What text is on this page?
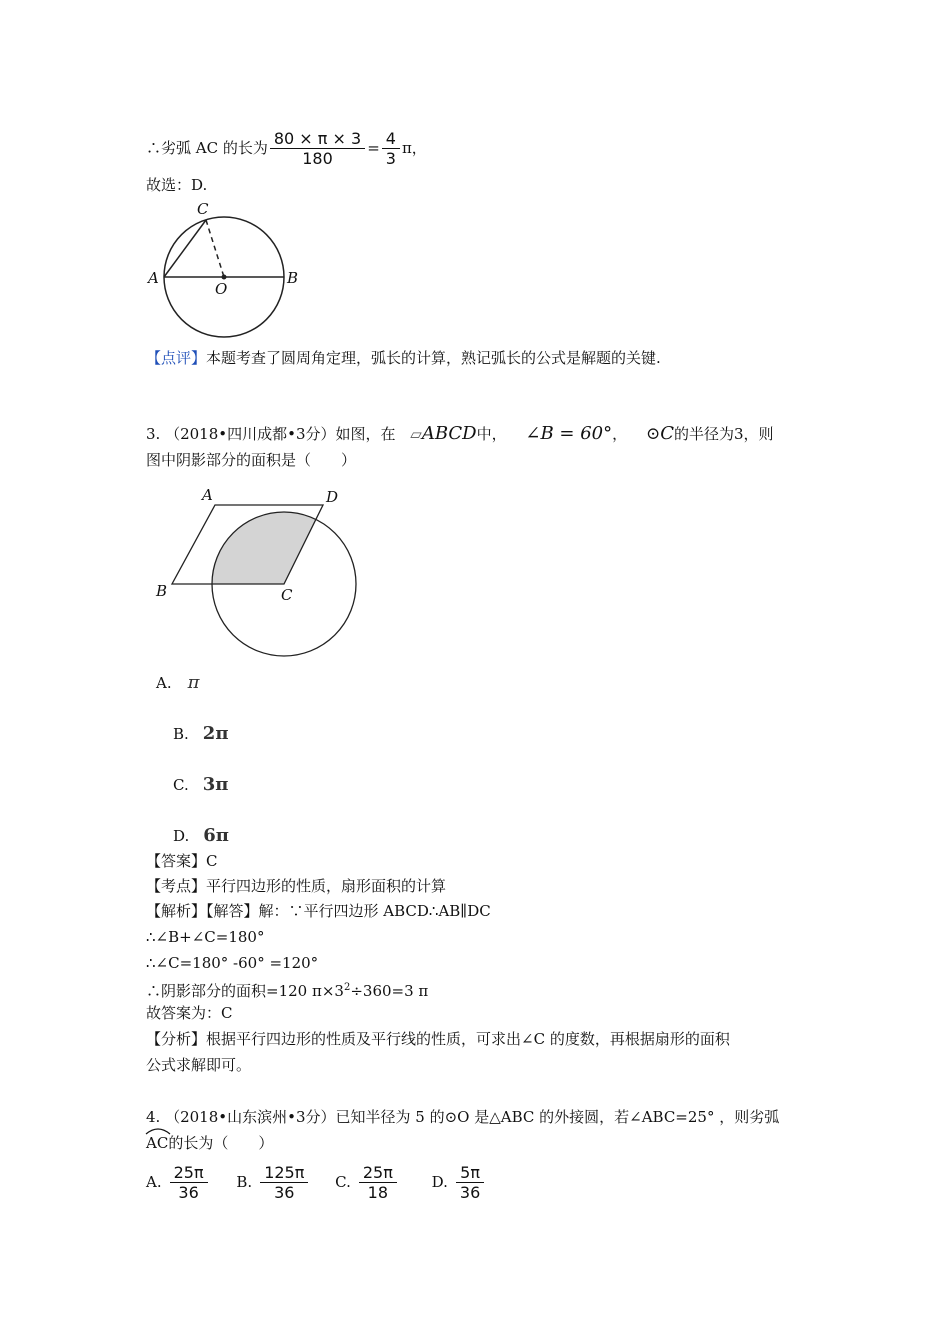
∴劣弧 AC 的长为 $\frac{80 \times \pi \times 3}{180} = \frac{4}{3}$ π，
故选：D.
C
A
O
B
【点评】本题考查了圆周角定理，弧长的计算，熟记弧长的公式是解题的关键.
3. （2018•四川成都•3分）如图，在 ▱ABCD中， ∠B = 60°， ⊙C的半径为3，则
图中阴影部分的面积是（　　）
A	D
B	C
A. π
B. 2π
C. 3π
D. 6π
【答案】C
【考点】平行四边形的性质，扇形面积的计算
【解析】【解答】解：∵平行四边形 ABCD∴AB∥DC
∴∠B+∠C=180°
∴∠C=180° -60° =120°
∴阴影部分的面积=120 $\pi\times 3^2\div 360=3$ π
故答案为：C
【分析】根据平行四边形的性质及平行线的性质，可求出∠C 的度数，再根据扇形的面积
公式求解即可。
4. （2018•山东滨州•3分）已知半径为 5 的⊙O 是△ABC 的外接圆，若∠ABC=25° ，则劣弧
AC的长为（　　）
A. $\frac{25\pi}{36} B$. $\frac{125\pi}{36} C$. $\frac{25\pi}{18} D$. $\frac{5\pi}{36}$
